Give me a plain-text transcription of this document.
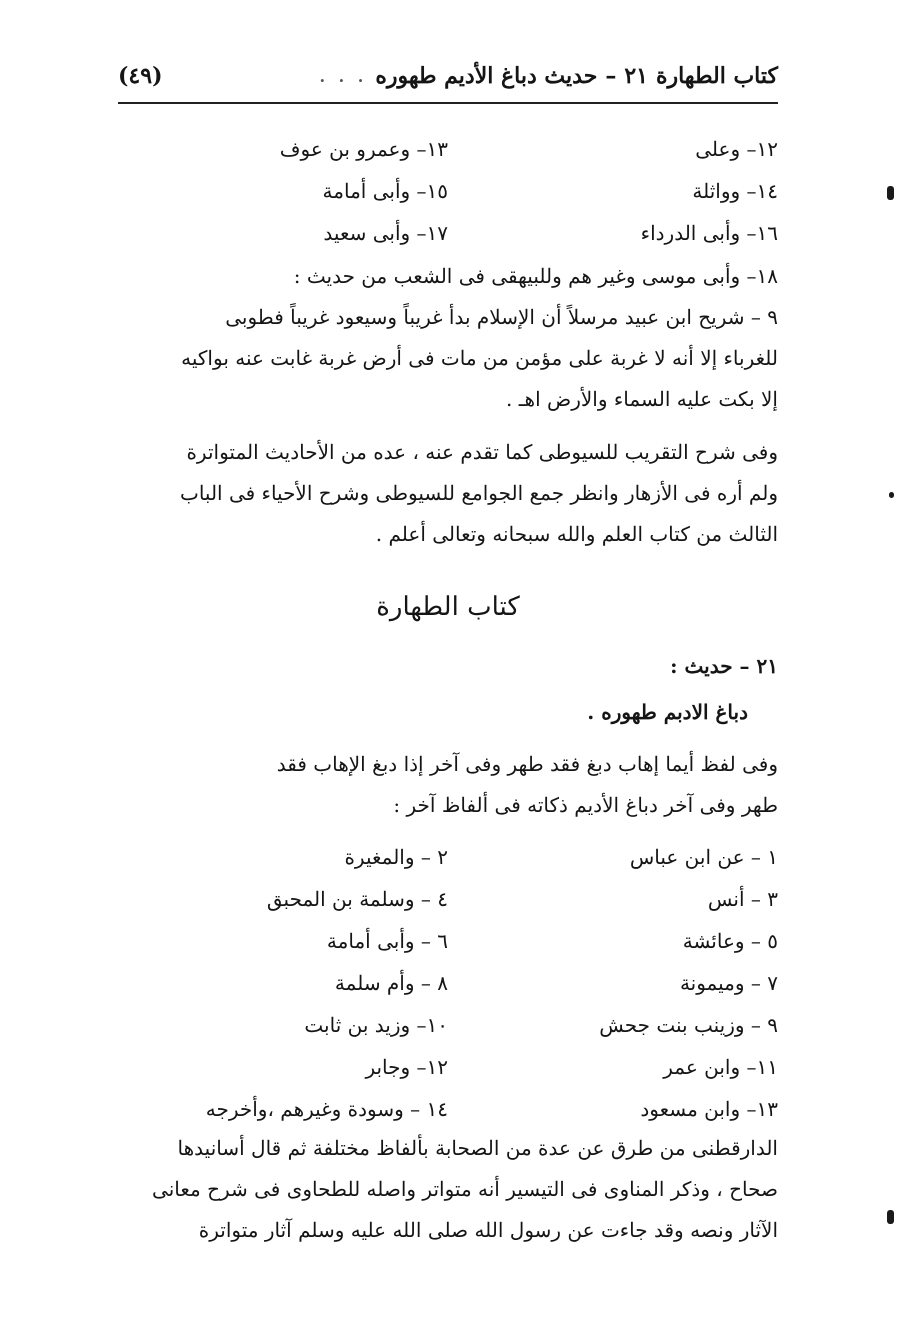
كتاب الطهارة
٢١
–
حديث دباغ الأديم طهوره
. . .
(٤٩)
١٢– وعلى
١٣– وعمرو بن عوف
١٤– وواثلة
١٥– وأبى أمامة
١٦– وأبى الدرداء
١٧– وأبى سعيد
١٨– وأبى موسى وغير هم وللبيهقى فى الشعب من حديث :
٩ – شريح ابن عبيد مرسلاً أن الإسلام بدأ غريباً وسيعود غريباً فطوبى
للغرباء إلا أنه لا غربة على مؤمن من مات فى أرض غربة غابت عنه بواكيه
إلا بكت عليه السماء والأرض اهـ .
وفى شرح التقريب للسيوطى كما تقدم عنه ، عده من الأحاديث المتواترة
ولم أره فى الأزهار وانظر جمع الجوامع للسيوطى وشرح الأحياء فى الباب
الثالث من كتاب العلم والله سبحانه وتعالى أعلم .
كتاب الطهارة
٢١ – حديث :
دباغ الادبم طهوره .
وفى لفظ أيما إهاب دبغ فقد طهر وفى آخر إذا دبغ الإهاب فقد
طهر وفى آخر دباغ الأديم ذكاته فى ألفاظ آخر :
١ – عن ابن عباس
٢ – والمغيرة
٣ – أنس
٤ – وسلمة بن المحبق
٥ – وعائشة
٦ – وأبى أمامة
٧ – وميمونة
٨ – وأم سلمة
٩ – وزينب بنت جحش
١٠– وزيد بن ثابت
١١– وابن عمر
١٢– وجابر
١٣– وابن مسعود
١٤ – وسودة وغيرهم ،وأخرجه
الدارقطنى من طرق عن عدة من الصحابة بألفاظ مختلفة ثم قال أسانيدها
صحاح ، وذكر المناوى فى التيسير أنه متواتر واصله للطحاوى فى شرح معانى
الآثار ونصه وقد جاءت عن رسول الله صلى الله عليه وسلم آثار متواترة
